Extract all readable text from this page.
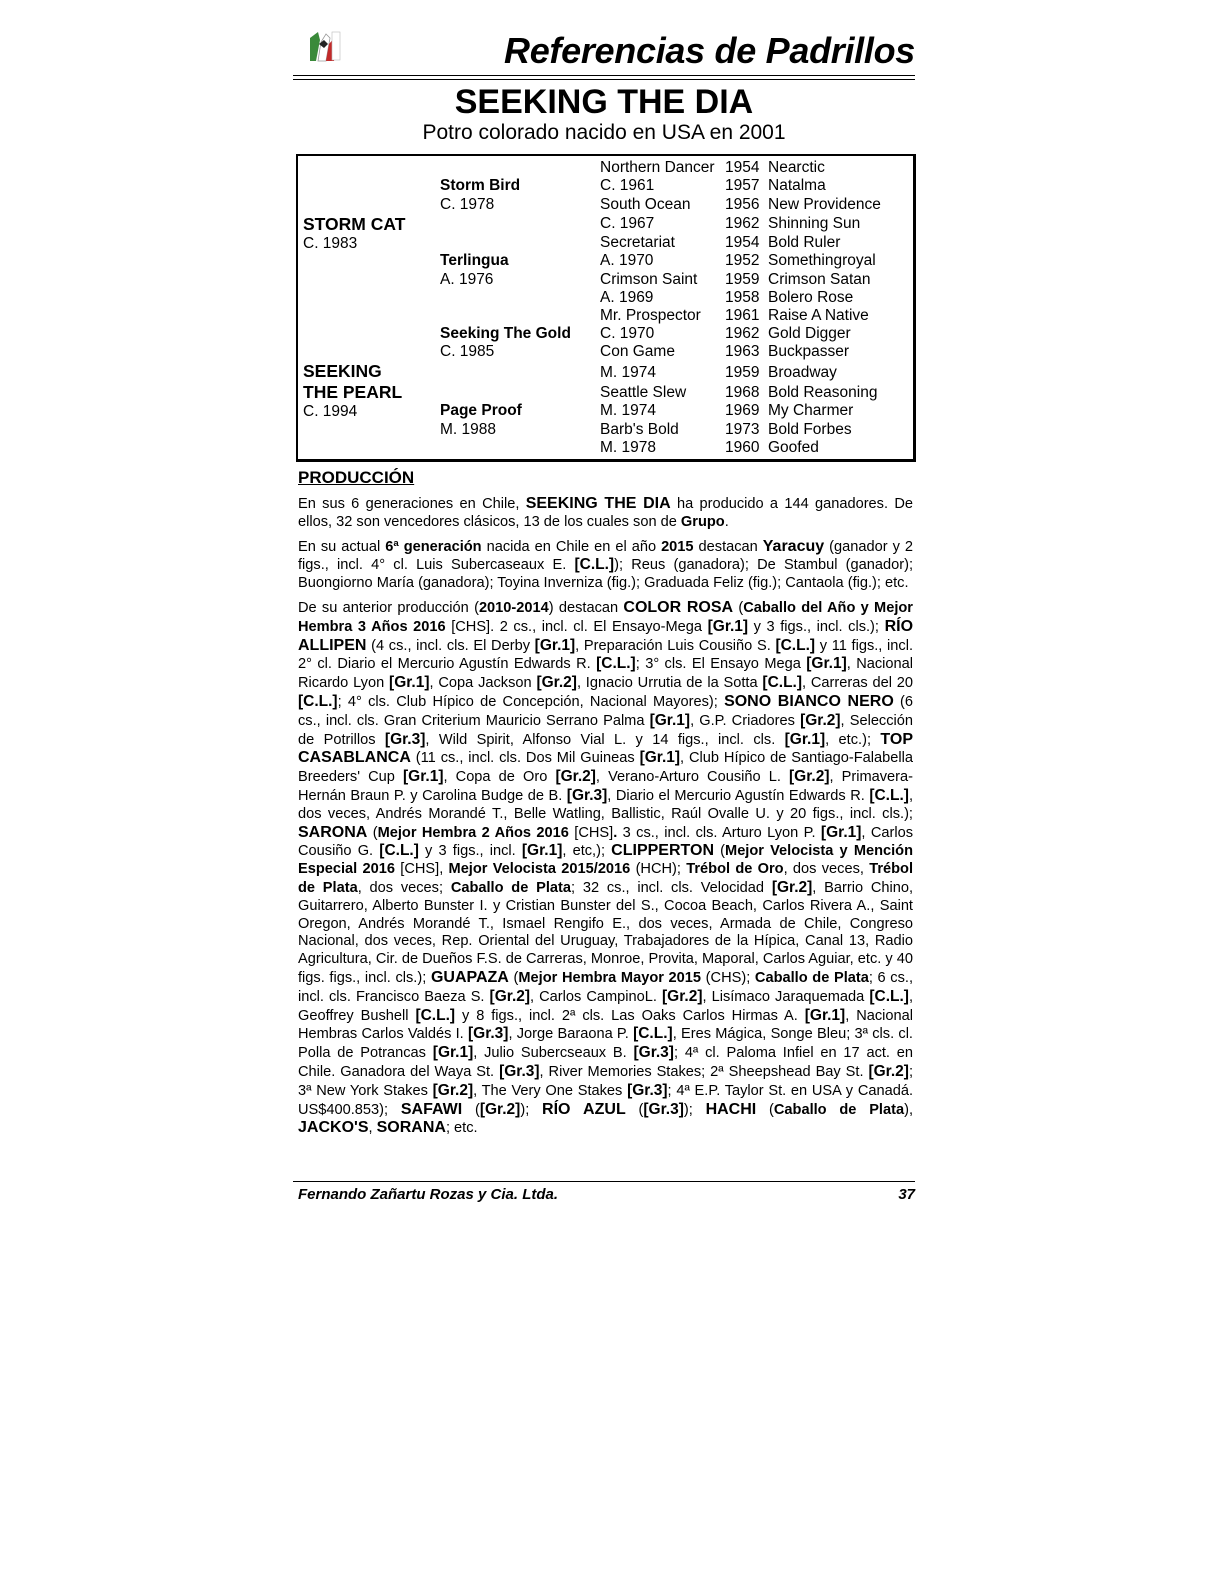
Referencias de Padrillos
SEEKING THE DIA
Potro colorado nacido en USA en 2001
STORM CAT
C. 1983
SEEKING
THE PEARL
C. 1994
Storm Bird
C. 1978
Terlingua
A. 1976
Seeking The Gold
C. 1985
Page Proof
M. 1988
Northern Dancer
C. 1961
South Ocean
C. 1967
Secretariat
A. 1970
Crimson Saint
A. 1969
Mr. Prospector
C. 1970
Con Game
M. 1974
Seattle Slew
M. 1974
Barb's Bold
M. 1978
1954 Nearctic
1957 Natalma
1956 New Providence
1962 Shinning Sun
1954 Bold Ruler
1952 Somethingroyal
1959 Crimson Satan
1958 Bolero Rose
1961 Raise A Native
1962 Gold Digger
1963 Buckpasser
1959 Broadway
1968 Bold Reasoning
1969 My Charmer
1973 Bold Forbes
1960 Goofed
PRODUCCIÓN

En sus 6 generaciones en Chile, SEEKING THE DIA ha producido a 144 ganadores. De ellos, 32 son vencedores clásicos, 13 de los cuales son de Grupo.

En su actual 6ª generación nacida en Chile en el año 2015 destacan Yaracuy (ganador y 2 figs., incl. 4° cl. Luis Subercaseaux E. [C.L.]); Reus (ganadora); De Stambul (ganador); Buongiorno María (ganadora); Toyina Inverniza (fig.); Graduada Feliz (fig.); Cantaola (fig.); etc.

De su anterior producción (2010-2014) destacan COLOR ROSA (Caballo del Año y Mejor Hembra 3 Años 2016 [CHS]. 2 cs., incl. cl. El Ensayo-Mega [Gr.1] y 3 figs., incl. cls.); RÍO ALLIPEN (4 cs., incl. cls. El Derby [Gr.1], Preparación Luis Cousiño S. [C.L.] y 11 figs., incl. 2° cl. Diario el Mercurio Agustín Edwards R. [C.L.]; 3° cls. El Ensayo Mega [Gr.1], Nacional Ricardo Lyon [Gr.1], Copa Jackson [Gr.2], Ignacio Urrutia de la Sotta [C.L.], Carreras del 20 [C.L.]; 4° cls. Club Hípico de Concepción, Nacional Mayores); SONO BIANCO NERO (6 cs., incl. cls. Gran Criterium Mauricio Serrano Palma [Gr.1], G.P. Criadores [Gr.2], Selección de Potrillos [Gr.3], Wild Spirit, Alfonso Vial L. y 14 figs., incl. cls. [Gr.1], etc.); TOP CASABLANCA (11 cs., incl. cls. Dos Mil Guineas [Gr.1], Club Hípico de Santiago-Falabella Breeders' Cup [Gr.1], Copa de Oro [Gr.2], Verano-Arturo Cousiño L. [Gr.2], Primavera-Hernán Braun P. y Carolina Budge de B. [Gr.3], Diario el Mercurio Agustín Edwards R. [C.L.], dos veces, Andrés Morandé T., Belle Watling, Ballistic, Raúl Ovalle U. y 20 figs., incl. cls.); SARONA (Mejor Hembra 2 Años 2016 [CHS]. 3 cs., incl. cls. Arturo Lyon P. [Gr.1], Carlos Cousiño G. [C.L.] y 3 figs., incl. [Gr.1], etc,); CLIPPERTON (Mejor Velocista y Mención Especial 2016 [CHS], Mejor Velocista 2015/2016 (HCH); Trébol de Oro, dos veces, Trébol de Plata, dos veces; Caballo de Plata; 32 cs., incl. cls. Velocidad [Gr.2], Barrio Chino, Guitarrero, Alberto Bunster I. y Cristian Bunster del S., Cocoa Beach, Carlos Rivera A., Saint Oregon, Andrés Morandé T., Ismael Rengifo E., dos veces, Armada de Chile, Congreso Nacional, dos veces, Rep. Oriental del Uruguay, Trabajadores de la Hípica, Canal 13, Radio Agricultura, Cir. de Dueños F.S. de Carreras, Monroe, Provita, Maporal, Carlos Aguiar, etc. y 40 figs. figs., incl. cls.); GUAPAZA (Mejor Hembra Mayor 2015 (CHS); Caballo de Plata; 6 cs., incl. cls. Francisco Baeza S. [Gr.2], Carlos CampinoL. [Gr.2], Lisímaco Jaraquemada [C.L.], Geoffrey Bushell [C.L.] y 8 figs., incl. 2ª cls. Las Oaks Carlos Hirmas A. [Gr.1], Nacional Hembras Carlos Valdés I. [Gr.3], Jorge Baraona P. [C.L.], Eres Mágica, Songe Bleu; 3ª cls. cl. Polla de Potrancas [Gr.1], Julio Subercseaux B. [Gr.3]; 4ª cl. Paloma Infiel en 17 act. en Chile. Ganadora del Waya St. [Gr.3], River Memories Stakes; 2ª Sheepshead Bay St. [Gr.2]; 3ª New York Stakes [Gr.2], The Very One Stakes [Gr.3]; 4ª E.P. Taylor St. en USA y Canadá. US$400.853); SAFAWI ([Gr.2]); RÍO AZUL ([Gr.3]); HACHI (Caballo de Plata), JACKO'S, SORANA; etc.

Fernando Zañartu Rozas y Cia. Ltda.	37
